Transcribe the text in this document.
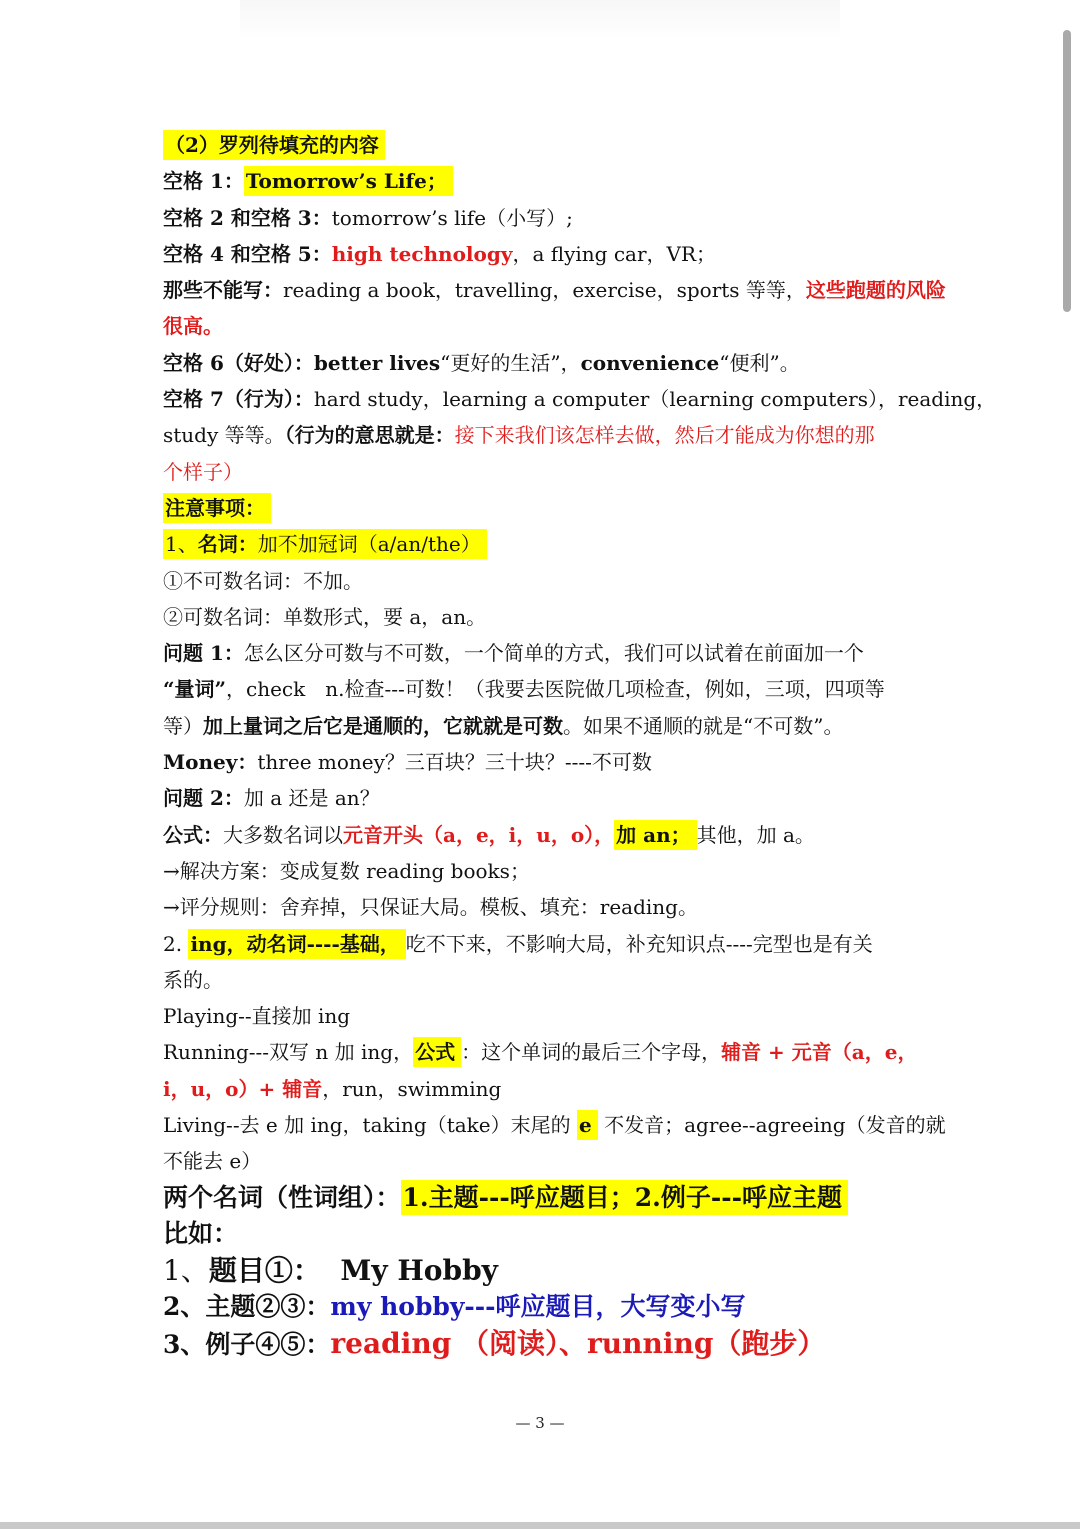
（2）罗列待填充的内容
空格 1： Tomorrow’s Life；
空格 2 和空格 3：tomorrow’s life（小写）;
空格 4 和空格 5：high technology，a flying car，VR；
那些不能写：reading a book，travelling，exercise，sports 等等，这些跑题的风险
很高。
空格 6（好处）：better lives“更好的生活”，convenience“便利”。
空格 7（行为）：hard study，learning a computer（learning computers），reading，
study 等等。（行为的意思就是：接下来我们该怎样去做，然后才能成为你想的那
个样子）
注意事项：
1、名词：加不加冠词（a/an/the）
①不可数名词：不加。
②可数名词：单数形式，要 a，an。
问题 1：怎么区分可数与不可数，一个简单的方式，我们可以试着在前面加一个
“量词”，check　n.检查---可数！（我要去医院做几项检查，例如，三项，四项等
等）加上量词之后它是通顺的，它就就是可数。如果不通顺的就是“不可数”。
Money：three money？三百块？三十块？----不可数
问题 2：加 a 还是 an？
公式：大多数名词以元音开头（a，e，i，u，o）， 加 an； 其他，加 a。
→解决方案：变成复数 reading books；
→评分规则：舍弃掉，只保证大局。模板、填充：reading。
2. ing，动名词----基础， 吃不下来，不影响大局，补充知识点----完型也是有关
系的。
Playing--直接加 ing
Running---双写 n 加 ing， 公式 ：这个单词的最后三个字母，辅音 + 元音（a，e，
i，u，o）+ 辅音，run，swimming
Living--去 e 加 ing，taking（take）末尾的 e 不发音；agree--agreeing（发音的就
不能去 e）
两个名词（性词组）：1.主题---呼应题目；2.例子---呼应主题
比如：
1、题目①： My Hobby
2、主题②③：my hobby---呼应题目，大写变小写
3、例子④⑤：reading （阅读）、running（跑步）
— 3 —
